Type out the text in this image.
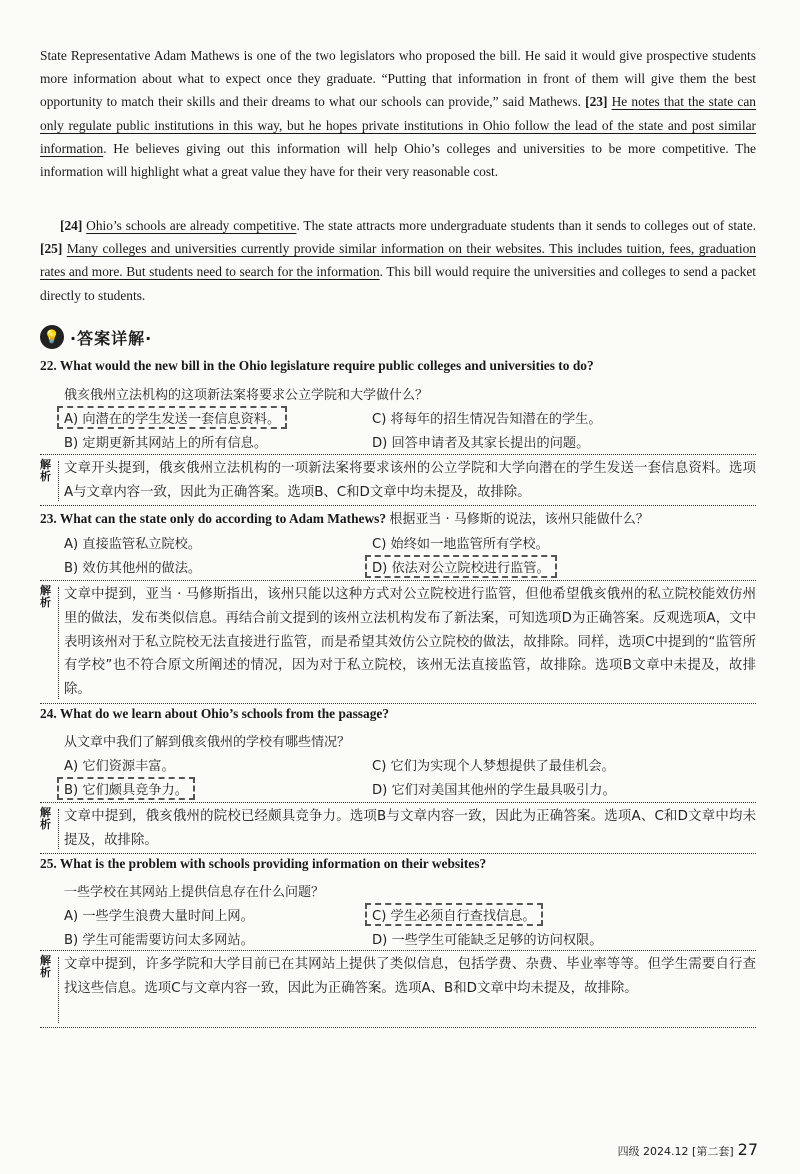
State Representative Adam Mathews is one of the two legislators who proposed the bill. He said it would give prospective students more information about what to expect once they graduate. “Putting that information in front of them will give them the best opportunity to match their skills and their dreams to what our schools can provide,” said Mathews. [23] He notes that the state can only regulate public institutions in this way, but he hopes private institutions in Ohio follow the lead of the state and post similar information. He believes giving out this information will help Ohio’s colleges and universities to be more competitive. The information will highlight what a great value they have for their very reasonable cost.

[24] Ohio’s schools are already competitive. The state attracts more undergraduate students than it sends to colleges out of state. [25] Many colleges and universities currently provide similar information on their websites. This includes tuition, fees, graduation rates and more. But students need to search for the information. This bill would require the universities and colleges to send a packet directly to students.

💡 ·答案详解·
22. What would the new bill in the Ohio legislature require public colleges and universities to do?
俄亥俄州立法机构的这项新法案将要求公立学院和大学做什么？
A) 向潜在的学生发送一套信息资料。	C) 将每年的招生情况告知潜在的学生。
B) 定期更新其网站上的所有信息。	D) 回答申请者及其家长提出的问题。
解析

文章开头提到，俄亥俄州立法机构的一项新法案将要求该州的公立学院和大学向潜在的学生发送一套信息资料。选项A与文章内容一致，因此为正确答案。选项B、C和D文章中均未提及，故排除。

23. What can the state only do according to Adam Mathews? 根据亚当 · 马修斯的说法，该州只能做什么？
A) 直接监管私立院校。	C) 始终如一地监管所有学校。
B) 效仿其他州的做法。	D) 依法对公立院校进行监管。
解析

文章中提到，亚当 · 马修斯指出，该州只能以这种方式对公立院校进行监管，但他希望俄亥俄州的私立院校能效仿州里的做法，发布类似信息。再结合前文提到的该州立法机构发布了新法案，可知选项D为正确答案。反观选项A，文中表明该州对于私立院校无法直接进行监管，而是希望其效仿公立院校的做法，故排除。同样，选项C中提到的“监管所有学校”也不符合原文所阐述的情况，因为对于私立院校，该州无法直接监管，故排除。选项B文章中未提及，故排除。

24. What do we learn about Ohio’s schools from the passage?
从文章中我们了解到俄亥俄州的学校有哪些情况？
A) 它们资源丰富。	C) 它们为实现个人梦想提供了最佳机会。
B) 它们颇具竞争力。	D) 它们对美国其他州的学生最具吸引力。
解析

文章中提到，俄亥俄州的院校已经颇具竞争力。选项B与文章内容一致，因此为正确答案。选项A、C和D文章中均未提及，故排除。

25. What is the problem with schools providing information on their websites?
一些学校在其网站上提供信息存在什么问题？
A) 一些学生浪费大量时间上网。	C) 学生必须自行查找信息。
B) 学生可能需要访问太多网站。	D) 一些学生可能缺乏足够的访问权限。
解析

文章中提到，许多学院和大学目前已在其网站上提供了类似信息，包括学费、杂费、毕业率等等。但学生需要自行查找这些信息。选项C与文章内容一致，因此为正确答案。选项A、B和D文章中均未提及，故排除。

四级 2024.12 [第二套] 27
